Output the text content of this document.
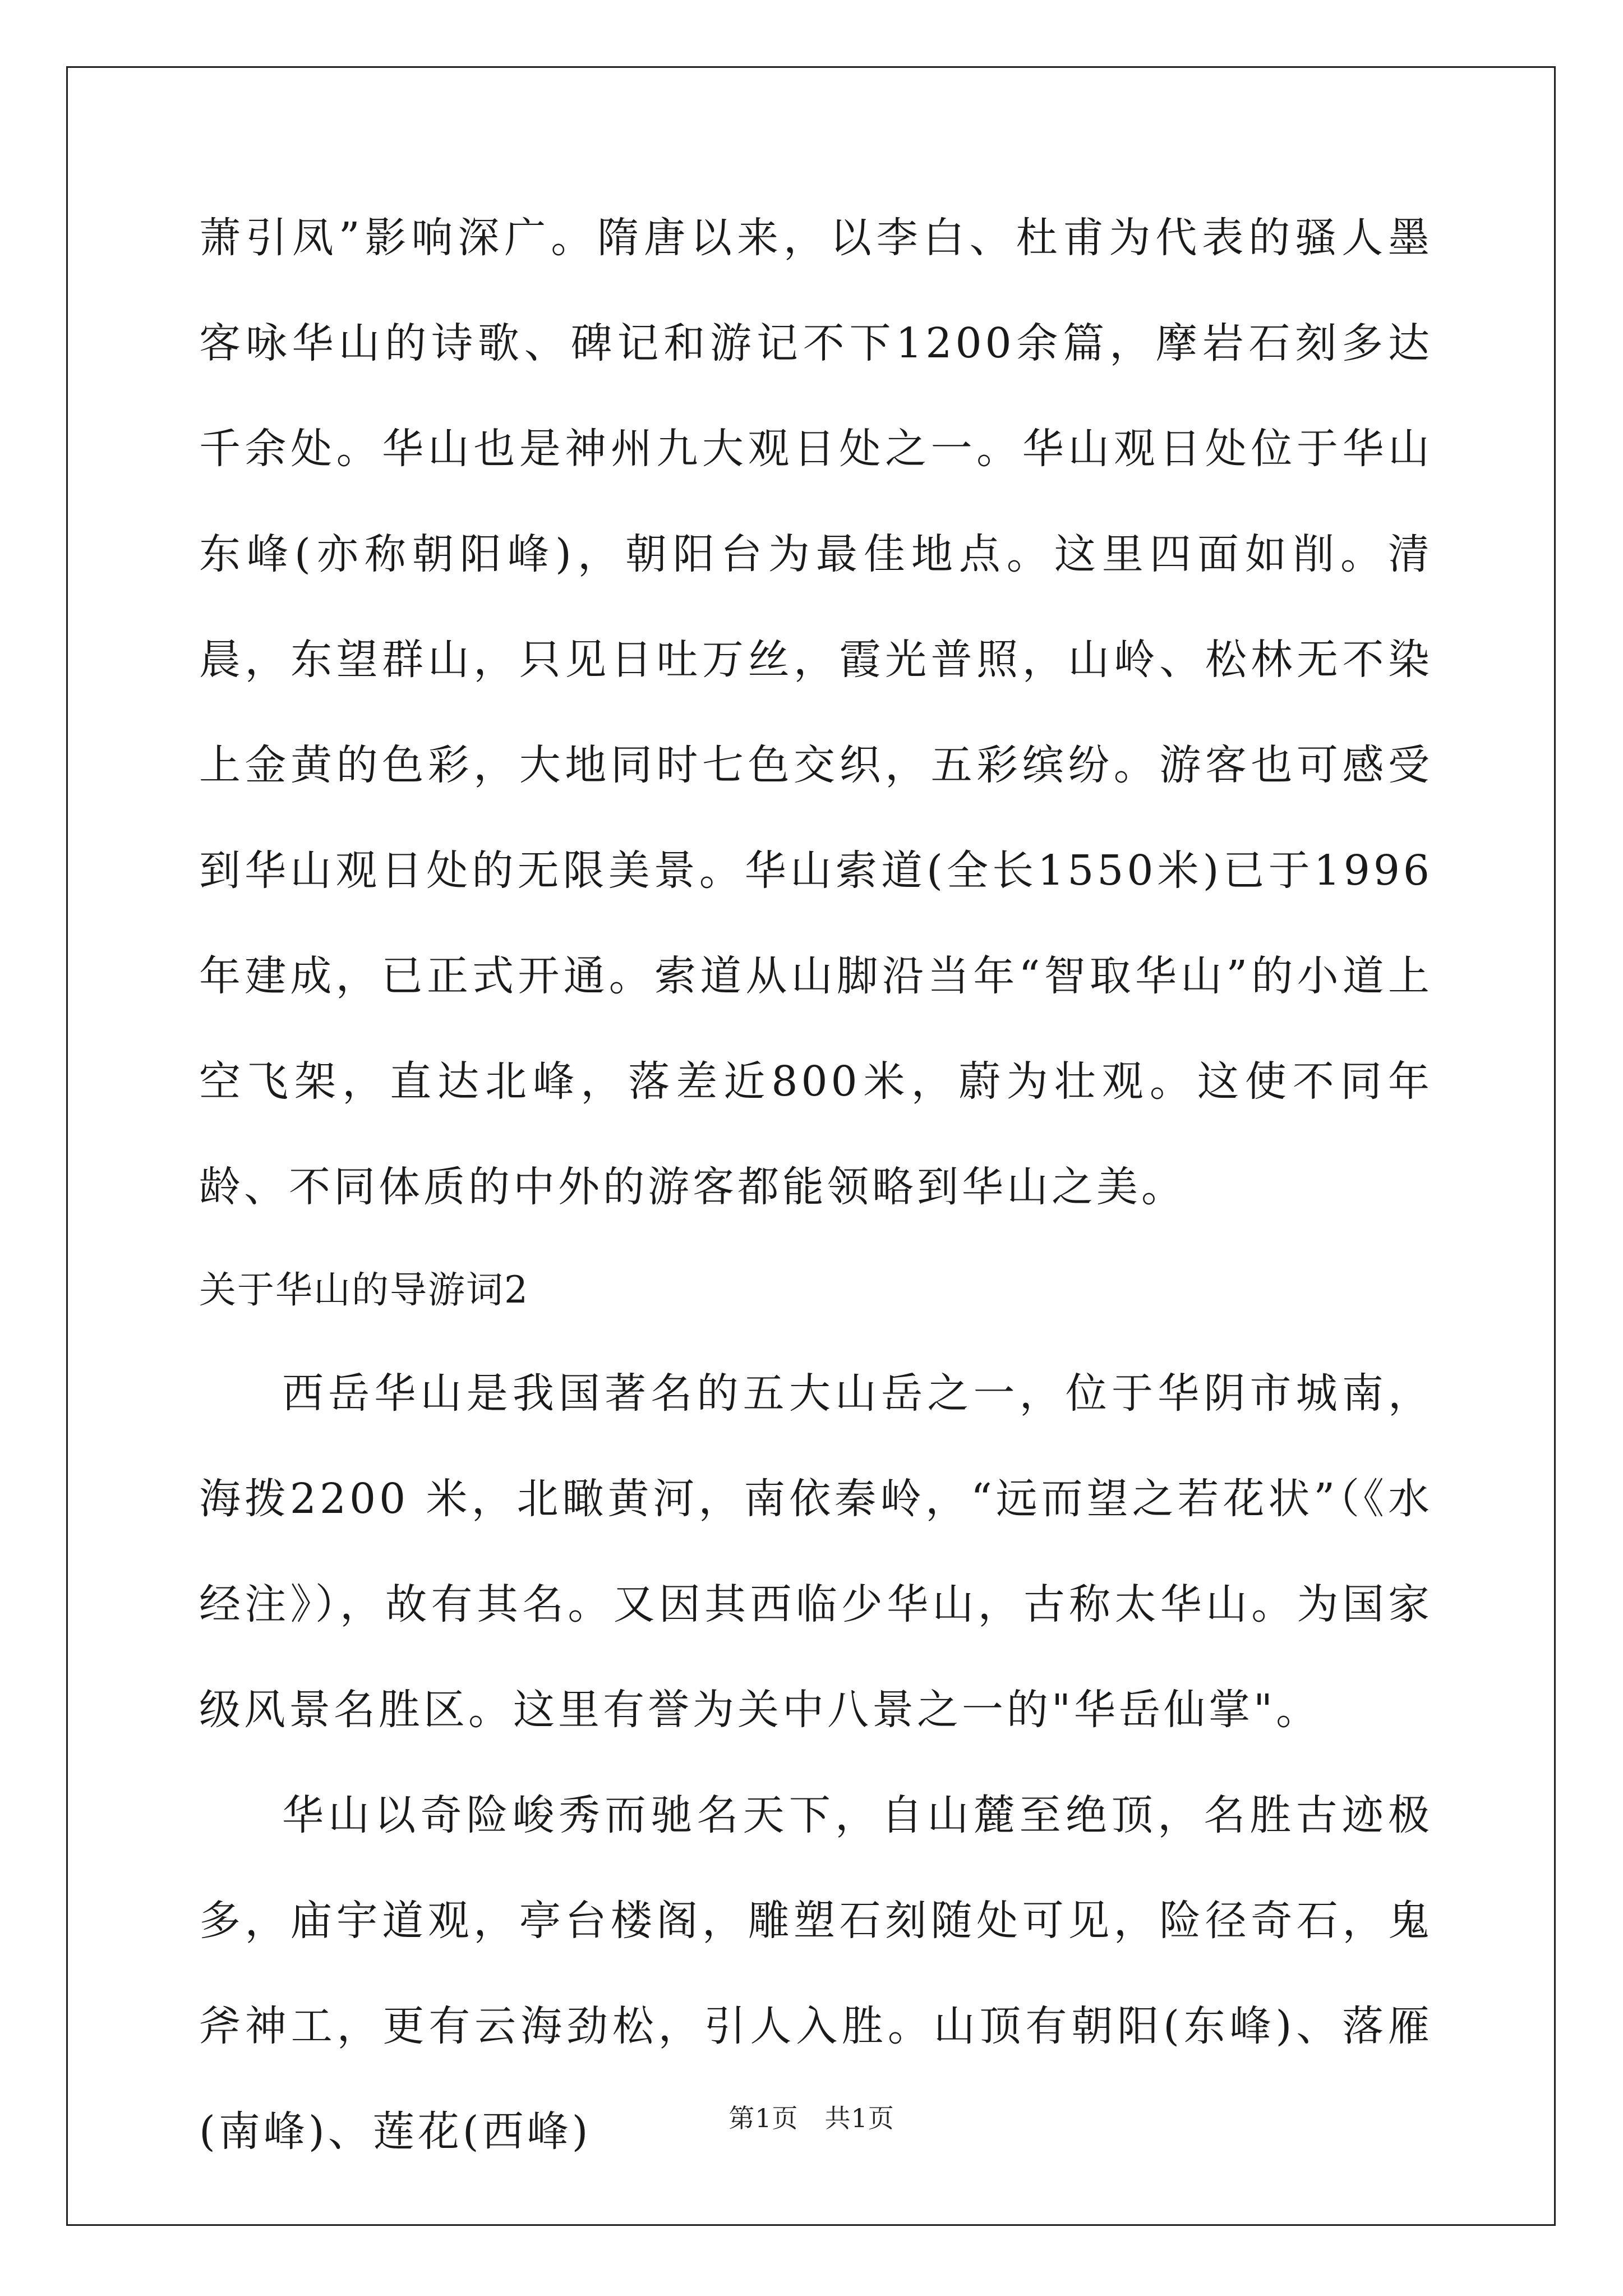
萧引凤”影响深广。隋唐以来，以李白、杜甫为代表的骚人墨客咏华山的诗歌、碑记和游记不下1200余篇，摩岩石刻多达千余处。华山也是神州九大观日处之一。华山观日处位于华山东峰(亦称朝阳峰)，朝阳台为最佳地点。这里四面如削。清晨，东望群山，只见日吐万丝，霞光普照，山岭、松林无不染上金黄的色彩，大地同时七色交织，五彩缤纷。游客也可感受到华山观日处的无限美景。华山索道(全长1550米)已于1996年建成，已正式开通。索道从山脚沿当年“智取华山”的小道上空飞架，直达北峰，落差近800米，蔚为壮观。这使不同年龄、不同体质的中外的游客都能领略到华山之美。

关于华山的导游词2

西岳华山是我国著名的五大山岳之一，位于华阴市城南，海拨2200 米，北瞰黄河，南依秦岭，“远而望之若花状”（《水经注》），故有其名。又因其西临少华山，古称太华山。为国家级风景名胜区。这里有誉为关中八景之一的"华岳仙掌"。

华山以奇险峻秀而驰名天下，自山麓至绝顶，名胜古迹极多，庙宇道观，亭台楼阁，雕塑石刻随处可见，险径奇石，鬼斧神工，更有云海劲松，引人入胜。山顶有朝阳(东峰)、落雁(南峰)、莲花(西峰)	第1页　共1页
